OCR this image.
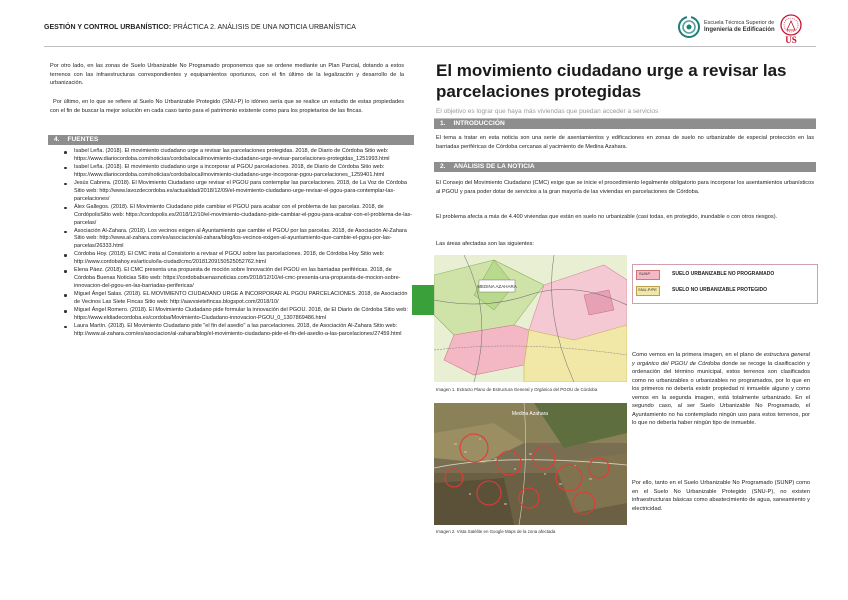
GESTIÓN Y CONTROL URBANÍSTICO: PRÁCTICA 2. ANÁLISIS DE UNA NOTICIA URBANÍSTICA
Escuela Técnica Superior de
Ingeniería de Edificación
US
Por otro lado, en las zonas de Suelo Urbanizable No Programado proponemos que se ordene mediante un Plan Parcial, dotando a estos terrenos con las infraestructuras correspondientes y equipamientos oportunos, con el fin último de la legalización y desarrollo de la urbanización.
Por último, en lo que se refiere al Suelo No Urbanizable Protegido (SNU-P) lo idóneo sería que se realice un estudio de estas propiedades con el fin de buscar la mejor solución en cada caso tanto para el patrimonio existente como para los propietarios de las fincas.
4. FUENTES
Isabel Leña. (2018). El movimiento ciudadano urge a revisar las parcelaciones protegidas. 2018, de Diario de Córdoba Sitio web: https://www.diariocordoba.com/noticias/cordobalocal/movimiento-ciudadano-urge-revisar-parcelaciones-protegidas_1251993.html
Isabel Leña. (2018). El movimiento ciudadano urge a incorporar al PGOU parcelaciones. 2018, de Diario de Córdoba Sitio web: https://www.diariocordoba.com/noticias/cordobalocal/movimiento-ciudadano-urge-incorporar-pgou-parcelaciones_1259401.html
Jesús Cabrera. (2018). El Movimiento Ciudadano urge revisar el PGOU para contemplar las parcelaciones. 2018, de La Voz de Córdoba Sitio web: http://www.lavozdecordoba.es/actualidad/2018/12/09/el-movimiento-ciudadano-urge-revisar-el-pgou-para-contemplar-las-parcelaciones/
Álex Gallegos. (2018). El Movimiento Ciudadano pide cambiar el PGOU para acabar con el problema de las parcelas. 2018, de CordópolisSitio web: https://cordopolis.es/2018/12/10/el-movimiento-ciudadano-pide-cambiar-el-pgou-para-acabar-con-el-problema-de-las-parcelas/
Asociación Al-Zahara. (2018). Los vecinos exigen al Ayuntamiento que cambie el PGOU por las parcelas. 2018, de Asociación Al-Zahara Sitio web: http://www.al-zahara.com/es/asociacion/al-zahara/blog/los-vecinos-exigen-al-ayuntamiento-que-cambie-el-pgou-por-las-parcelas/26333.html
Córdoba Hoy. (2018). El CMC insta al Consistorio a revisar el PGOU sobre las parcelaciones. 2018, de Córdoba Hoy Sitio web: http://www.cordobahoy.es/articulo/la-ciudad/cmc/20181209150525052762.html
Elena Páez. (2018). El CMC presenta una propuesta de moción sobre Innovación del PGOU en las barriadas periféricas. 2018, de Córdoba Buenas Noticias Sitio web: https://cordobabuenasnoticias.com/2018/12/10/el-cmc-presenta-una-propuesta-de-mocion-sobre-innovacion-del-pgou-en-las-barriadas-perifericas/
Miguel Ángel Salas. (2018). EL MOVIMIENTO CIUDADANO URGE A INCORPORAR AL PGOU PARCELACIONES. 2018, de Asociación de Vecinos Las Siete Fincas Sitio web: http://aavvsietefincas.blogspot.com/2018/10/
Miguel Ángel Romero. (2018). El Movimiento Ciudadano pide formular la innovación del PGOU. 2018, de El Diario de Córdoba Sitio web: https://www.eldiadecordoba.es/cordoba/Movimiento-Ciudadano-innovacion-PGOU_0_1307869486.html
Laura Martín. (2018). El Movimiento Ciudadano pide "el fin del asedio" a las parcelaciones. 2018, de Asociación Al-Zahara Sitio web: http://www.al-zahara.com/es/asociacion/al-zahara/blog/el-movimiento-ciudadano-pide-el-fin-del-asedio-a-las-parcelaciones/27459.html
El movimiento ciudadano urge a revisar las parcelaciones protegidas
El objetivo es lograr que haya más viviendas que puedan acceder a servicios
1. INTRODUCCIÓN
El tema a tratar en esta noticia son una serie de asentamientos y edificaciones en zonas de suelo no urbanizable de especial protección en las barriadas periféricas de Córdoba cercanas al yacimiento de Medina Azahara.
2. ANÁLISIS DE LA NOTICIA
El Consejo del Movimiento Ciudadano (CMC) exige que se inicie el procedimiento legalmente obligatorio para incorporar los asentamientos urbanísticos al PGOU y para poder dotar de servicios a la gran mayoría de las viviendas en parcelaciones de Córdoba.
El problema afecta a más de 4.400 viviendas que están en suelo no urbanizable (casi todas, en protegido, inundable o con otros riesgos).
Las áreas afectadas son las siguientes:
MEDINA AZAHARA
Imagen 1. Extracto Plano de Estructura General y Orgánica del PGOU de Córdoba
SUNP	SUELO URBANIZABLE NO PROGRAMADO
SNU-P/PE	SUELO NO URBANIZABLE PROTEGIDO
Medina Azahara
Imagen 2. Vista Satélite en Google Maps de la zona afectada
Como vemos en la primera imagen, en el plano de estructura general y orgánico del PGOU de Córdoba donde se recoge la clasificación y ordenación del término municipal, estos terrenos son clasificados como no urbanizables o urbanizables no programados, por lo que en los primeros no debería existir propiedad ni inmueble alguno y como vemos en la segunda imagen, está totalmente urbanizado. En el segundo caso, al ser Suelo Urbanizable No Programado, el Ayuntamiento no ha contemplado ningún uso para estos terrenos, por lo que no debería haber ningún tipo de inmueble.
Por ello, tanto en el Suelo Urbanizable No Programado (SUNP) como en el Suelo No Urbanizable Protegido (SNU-P), no existen infraestructuras básicas como abastecimiento de agua, saneamiento y electricidad.
